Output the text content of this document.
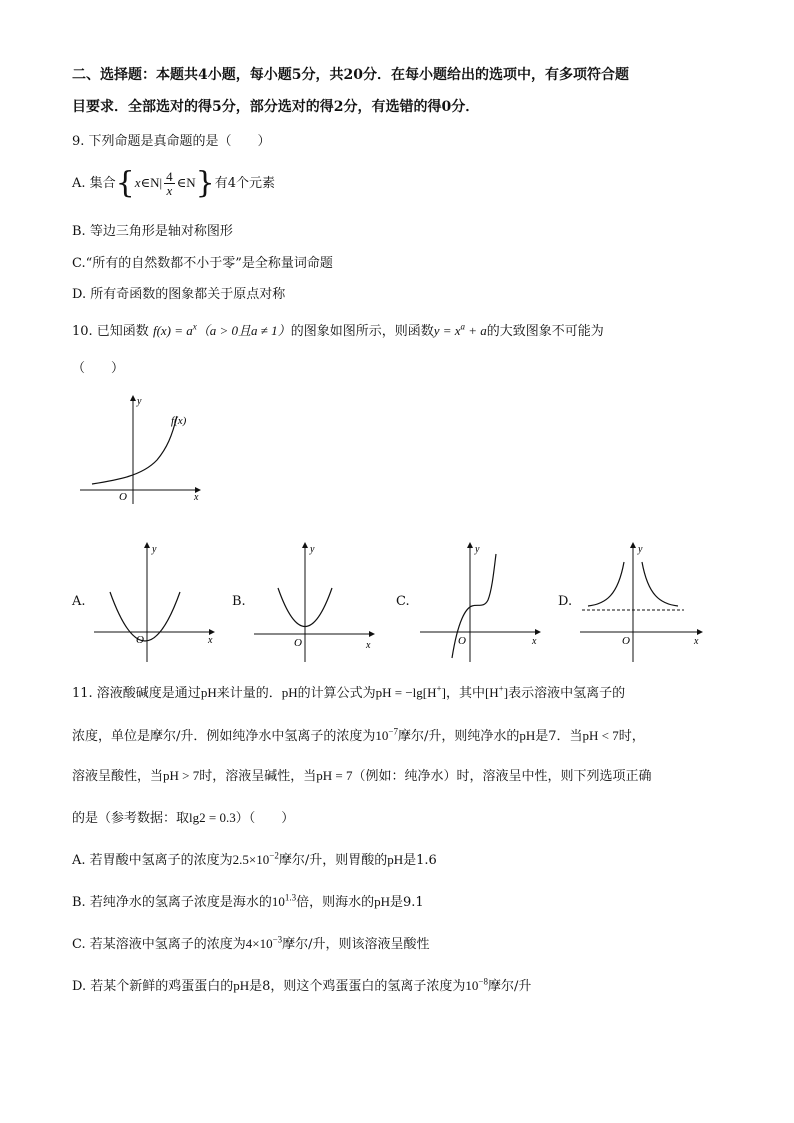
二、选择题：本题共4小题，每小题5分，共20分．在每小题给出的选项中，有多项符合题
目要求．全部选对的得5分，部分选对的得2分，有选错的得0分．
9. 下列命题是真命题的是（　　）
A. 集合{x∈N| $\frac{4}{x}$ ∈N}有4个元素
B. 等边三角形是轴对称图形
C.“所有的自然数都不小于零”是全称量词命题
D. 所有奇函数的图象都关于原点对称
10. 已知函数 $f(x) = a^x(a > 0$且a ≠ 1）的图象如图所示，则函数$y = x^a + a$的大致图象不可能为
（　　）
f(x)
O	x
y
A.
O	x
y
B.
O	x
y
C.
O	x
y
D.
O	x
y
11. 溶液酸碱度是通过pH来计量的．pH的计算公式为pH = −lg[H+]，其中[H+]表示溶液中氢离子的
浓度，单位是摩尔/升．例如纯净水中氢离子的浓度为$10^{-7}$摩尔/升，则纯净水的pH是7．当pH < 7时，
溶液呈酸性，当pH > 7时，溶液呈碱性，当pH = 7（例如：纯净水）时，溶液呈中性，则下列选项正确
的是（参考数据：取lg2 = 0.3）（　　）
A. 若胃酸中氢离子的浓度为$2.5\times 10^{-2}$摩尔/升，则胃酸的pH是1.6
B. 若纯净水的氢离子浓度是海水的$10^{1.3}$倍，则海水的pH是9.1
C. 若某溶液中氢离子的浓度为$4\times 10^{-3}$摩尔/升，则该溶液呈酸性
D. 若某个新鲜的鸡蛋蛋白的pH是8，则这个鸡蛋蛋白的氢离子浓度为$10^{-8}$摩尔/升
